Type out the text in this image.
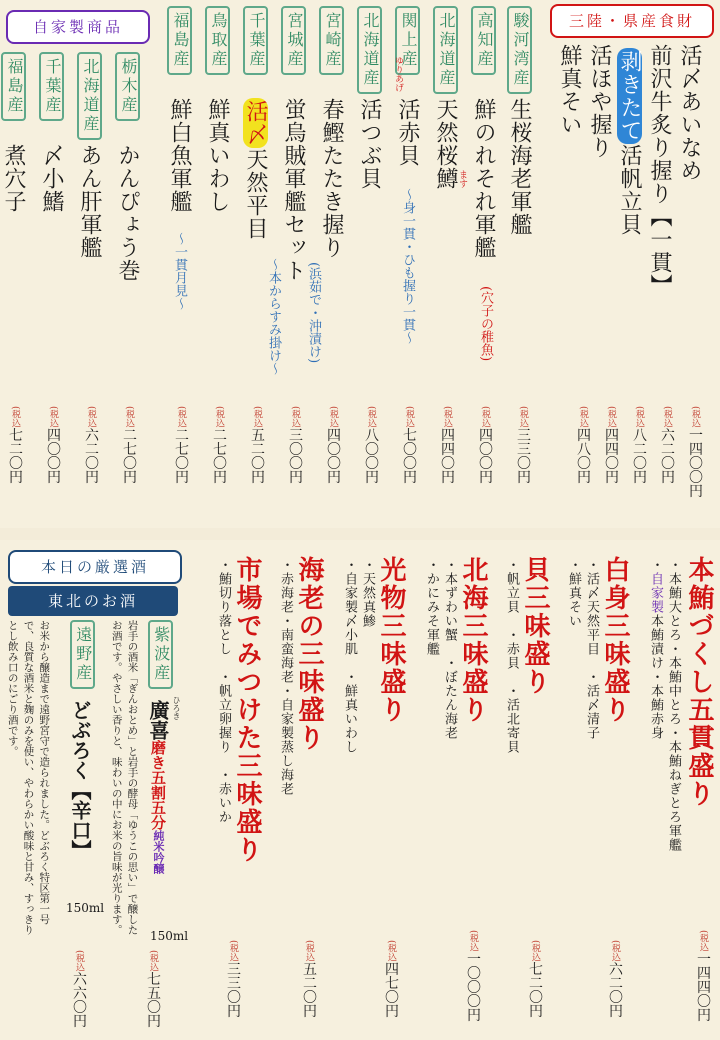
三陸・県産食財
自家製商品
活〆あいなめ
前沢牛炙り握り【一貫】
剥きたて活帆立貝
活ほや握り
鮮真そい
駿河湾産
生桜海老軍艦
高知産
鮮のれそれ軍艦
(穴子の稚魚)
北海道産
天然桜鱒 ます
関上産
ゆりあげ
活赤貝
〜身一貫・ひも握り一貫〜
北海道産
活つぶ貝
宮崎産
春鰹たたき握り
宮城産
蛍烏賊軍艦セット
(浜茹で・沖漬け)
千葉産
活〆天然平目
〜本からすみ掛け〜
鳥取産
鮮真いわし
福島産
鮮白魚軍艦
〜一貫月見〜
栃木産
かんぴょう巻
北海道産
あん肝軍艦
千葉産
〆小鰭
福島産
煮穴子
(税込一四〇〇円
(税込六二〇円
(税込八二〇円
(税込四四〇円
(税込四八〇円
(税込三三〇円
(税込四〇〇円
(税込四四〇円
(税込七〇〇円
(税込八〇〇円
(税込四〇〇円
(税込三〇〇円
(税込五二〇円
(税込二七〇円
(税込二七〇円
(税込二七〇円
(税込六二〇円
(税込四〇〇円
(税込七二〇円
本鮪づくし五貫盛り
・本鮪大とろ・本鮪中とろ・本鮪ねぎとろ軍艦
・自家製本鮪漬け・本鮪赤身
(税込一四四〇円
白身三味盛り
・活〆天然平目　・活〆清子
・鮮真そい
(税込六二〇円
貝三味盛り
・帆立貝　・赤貝　・活北寄貝
(税込七二〇円
北海三味盛り
・本ずわい蟹　・ぼたん海老
・かにみそ軍艦
(税込一〇〇〇円
光物三味盛り
・天然真鯵
・自家製〆小肌　・鮮真いわし
(税込四七〇円
海老の三味盛り
・赤海老・南蛮海老・自家製蒸し海老
(税込五二〇円
市場でみつけた三味盛り
・鮪切り落とし　・帆立卵握り　・赤いか
(税込三三〇円
本日の厳選酒
東北のお酒
紫波産
廣喜磨き五割五分純米吟醸
ひろき
150ml
岩手の酒米「ぎんおとめ」と岩手の酵母「ゆうこの思い」で醸したお酒です。やさしい香りと、味わいの中にお米の旨味が光ります。
(税込七五〇円
遠野産
どぶろく【辛口】
150ml
お米から醸造まで遠野宮守で造られました。どぶろく特区第一号で、良質な酒米と麹のみを使い、やわらかい酸味と甘み、すっきりとし飲み口のにごり酒です。
(税込六六〇円
